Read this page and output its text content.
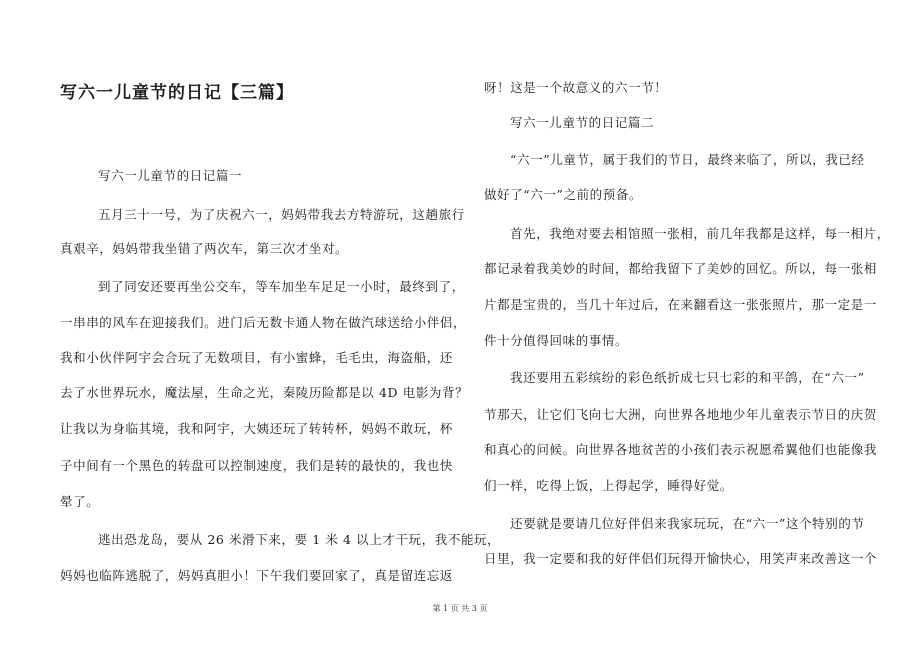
写六一儿童节的日记【三篇】
写六一儿童节的日记篇一
五月三十一号，为了庆祝六一，妈妈带我去方特游玩，这趟旅行
真艰辛，妈妈带我坐错了两次车，第三次才坐对。
到了同安还要再坐公交车，等车加坐车足足一小时，最终到了，
一串串的风车在迎接我们。进门后无数卡通人物在做汽球送给小伴侣，
我和小伙伴阿宇会合玩了无数项目，有小蜜蜂，毛毛虫，海盗船，还
去了水世界玩水，魔法屋，生命之光，秦陵历险都是以 4D 电影为背？
让我以为身临其境，我和阿宇，大姨还玩了转转杯，妈妈不敢玩，杯
子中间有一个黑色的转盘可以控制速度，我们是转的最快的，我也快
晕了。
逃出恐龙岛，要从 26 米滑下来，要 1 米 4 以上才干玩，我不能玩，
妈妈也临阵逃脱了，妈妈真胆小！下午我们要回家了，真是留连忘返
呀！这是一个故意义的六一节！
写六一儿童节的日记篇二
“六一”儿童节，属于我们的节日，最终来临了，所以，我已经
做好了“六一”之前的预备。
首先，我绝对要去相馆照一张相，前几年我都是这样，每一相片，
都记录着我美妙的时间，都给我留下了美妙的回忆。所以，每一张相
片都是宝贵的，当几十年过后，在来翻看这一张张照片，那一定是一
件十分值得回味的事情。
我还要用五彩缤纷的彩色纸折成七只七彩的和平鸽，在“六一”
节那天，让它们飞向七大洲，向世界各地地少年儿童表示节日的庆贺
和真心的问候。向世界各地贫苦的小孩们表示祝愿希翼他们也能像我
们一样，吃得上饭，上得起学，睡得好觉。
还要就是要请几位好伴侣来我家玩玩，在“六一”这个特别的节
日里，我一定要和我的好伴侣们玩得开愉快心，用笑声来改善这一个
第 1 页 共 3 页
